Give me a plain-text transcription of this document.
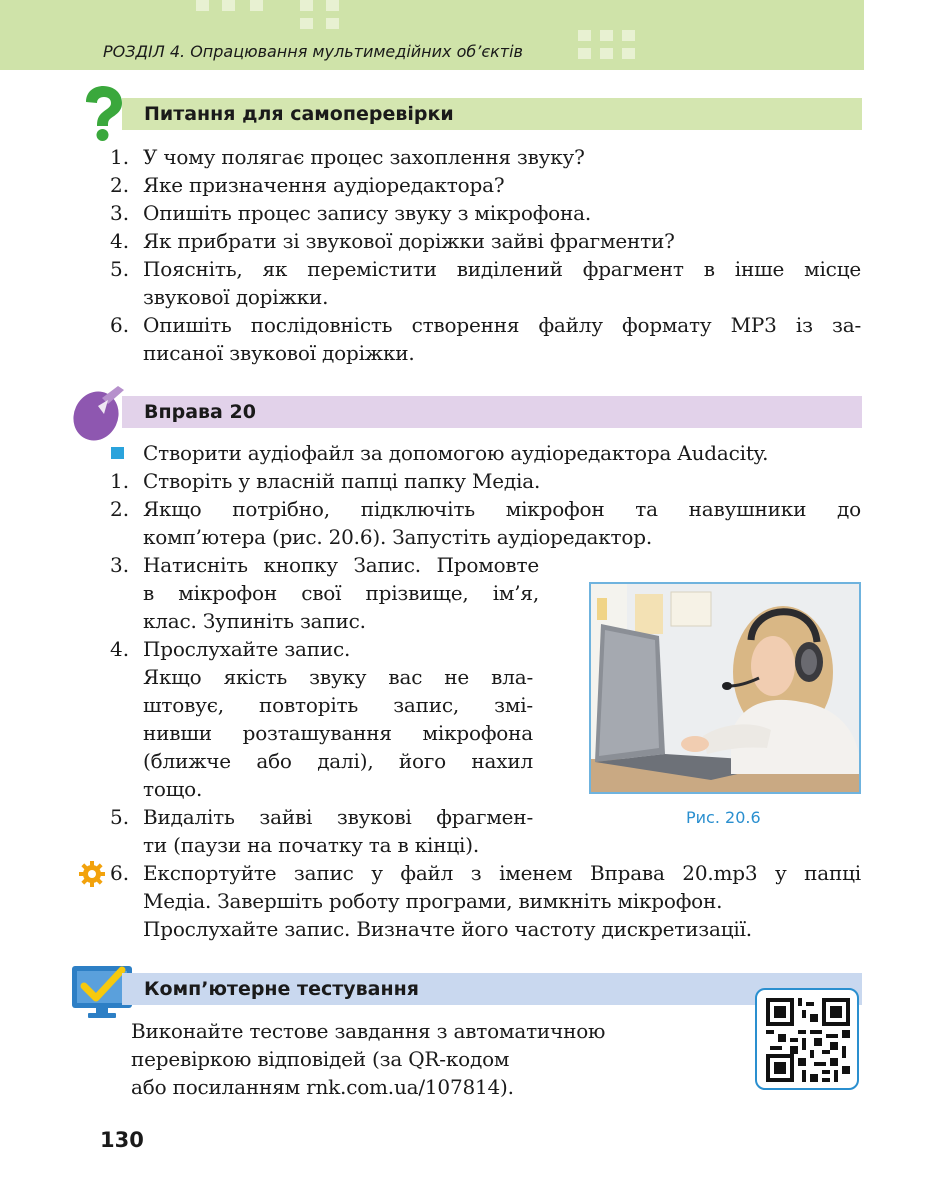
РОЗДІЛ 4. Опрацювання мультимедійних об’єктів
Питання для самоперевірки
1. У чому полягає процес захоплення звуку?
2. Яке призначення аудіоредактора?
3. Опишіть процес запису звуку з мікрофона.
4. Як прибрати зі звукової доріжки зайві фрагменти?
5. Поясніть, як перемістити виділений фрагмент в інше місце
звукової доріжки.
6. Опишіть послідовність створення файлу формату MP3 із за-
писаної звукової доріжки.
Вправа 20
Створити аудіофайл за допомогою аудіоредактора Audacity.
1. Створіть у власній папці папку Медіа.
2. Якщо потрібно, підключіть мікрофон та навушники до
комп’ютера (рис. 20.6). Запустіть аудіоредактор.
3. Натисніть кнопку Запис. Промовте
в мікрофон свої прізвище, ім’я,
клас. Зупиніть запис.
4. Прослухайте запис.
Якщо якість звуку вас не вла-
штовує, повторіть запис, змі-
нивши розташування мікрофона
(ближче або далі), його нахил
тощо.
5. Видаліть зайві звукові фрагмен-
ти (паузи на початку та в кінці).
6. Експортуйте запис у файл з іменем Вправа 20.mp3 у папці
Медіа. Завершіть роботу програми, вимкніть мікрофон.
Прослухайте запис. Визначте його частоту дискретизації.
Рис. 20.6
Комп’ютерне тестування
Виконайте тестове завдання з автоматичною
перевіркою відповідей (за QR-кодом
або посиланням rnk.com.ua/107814).
130
